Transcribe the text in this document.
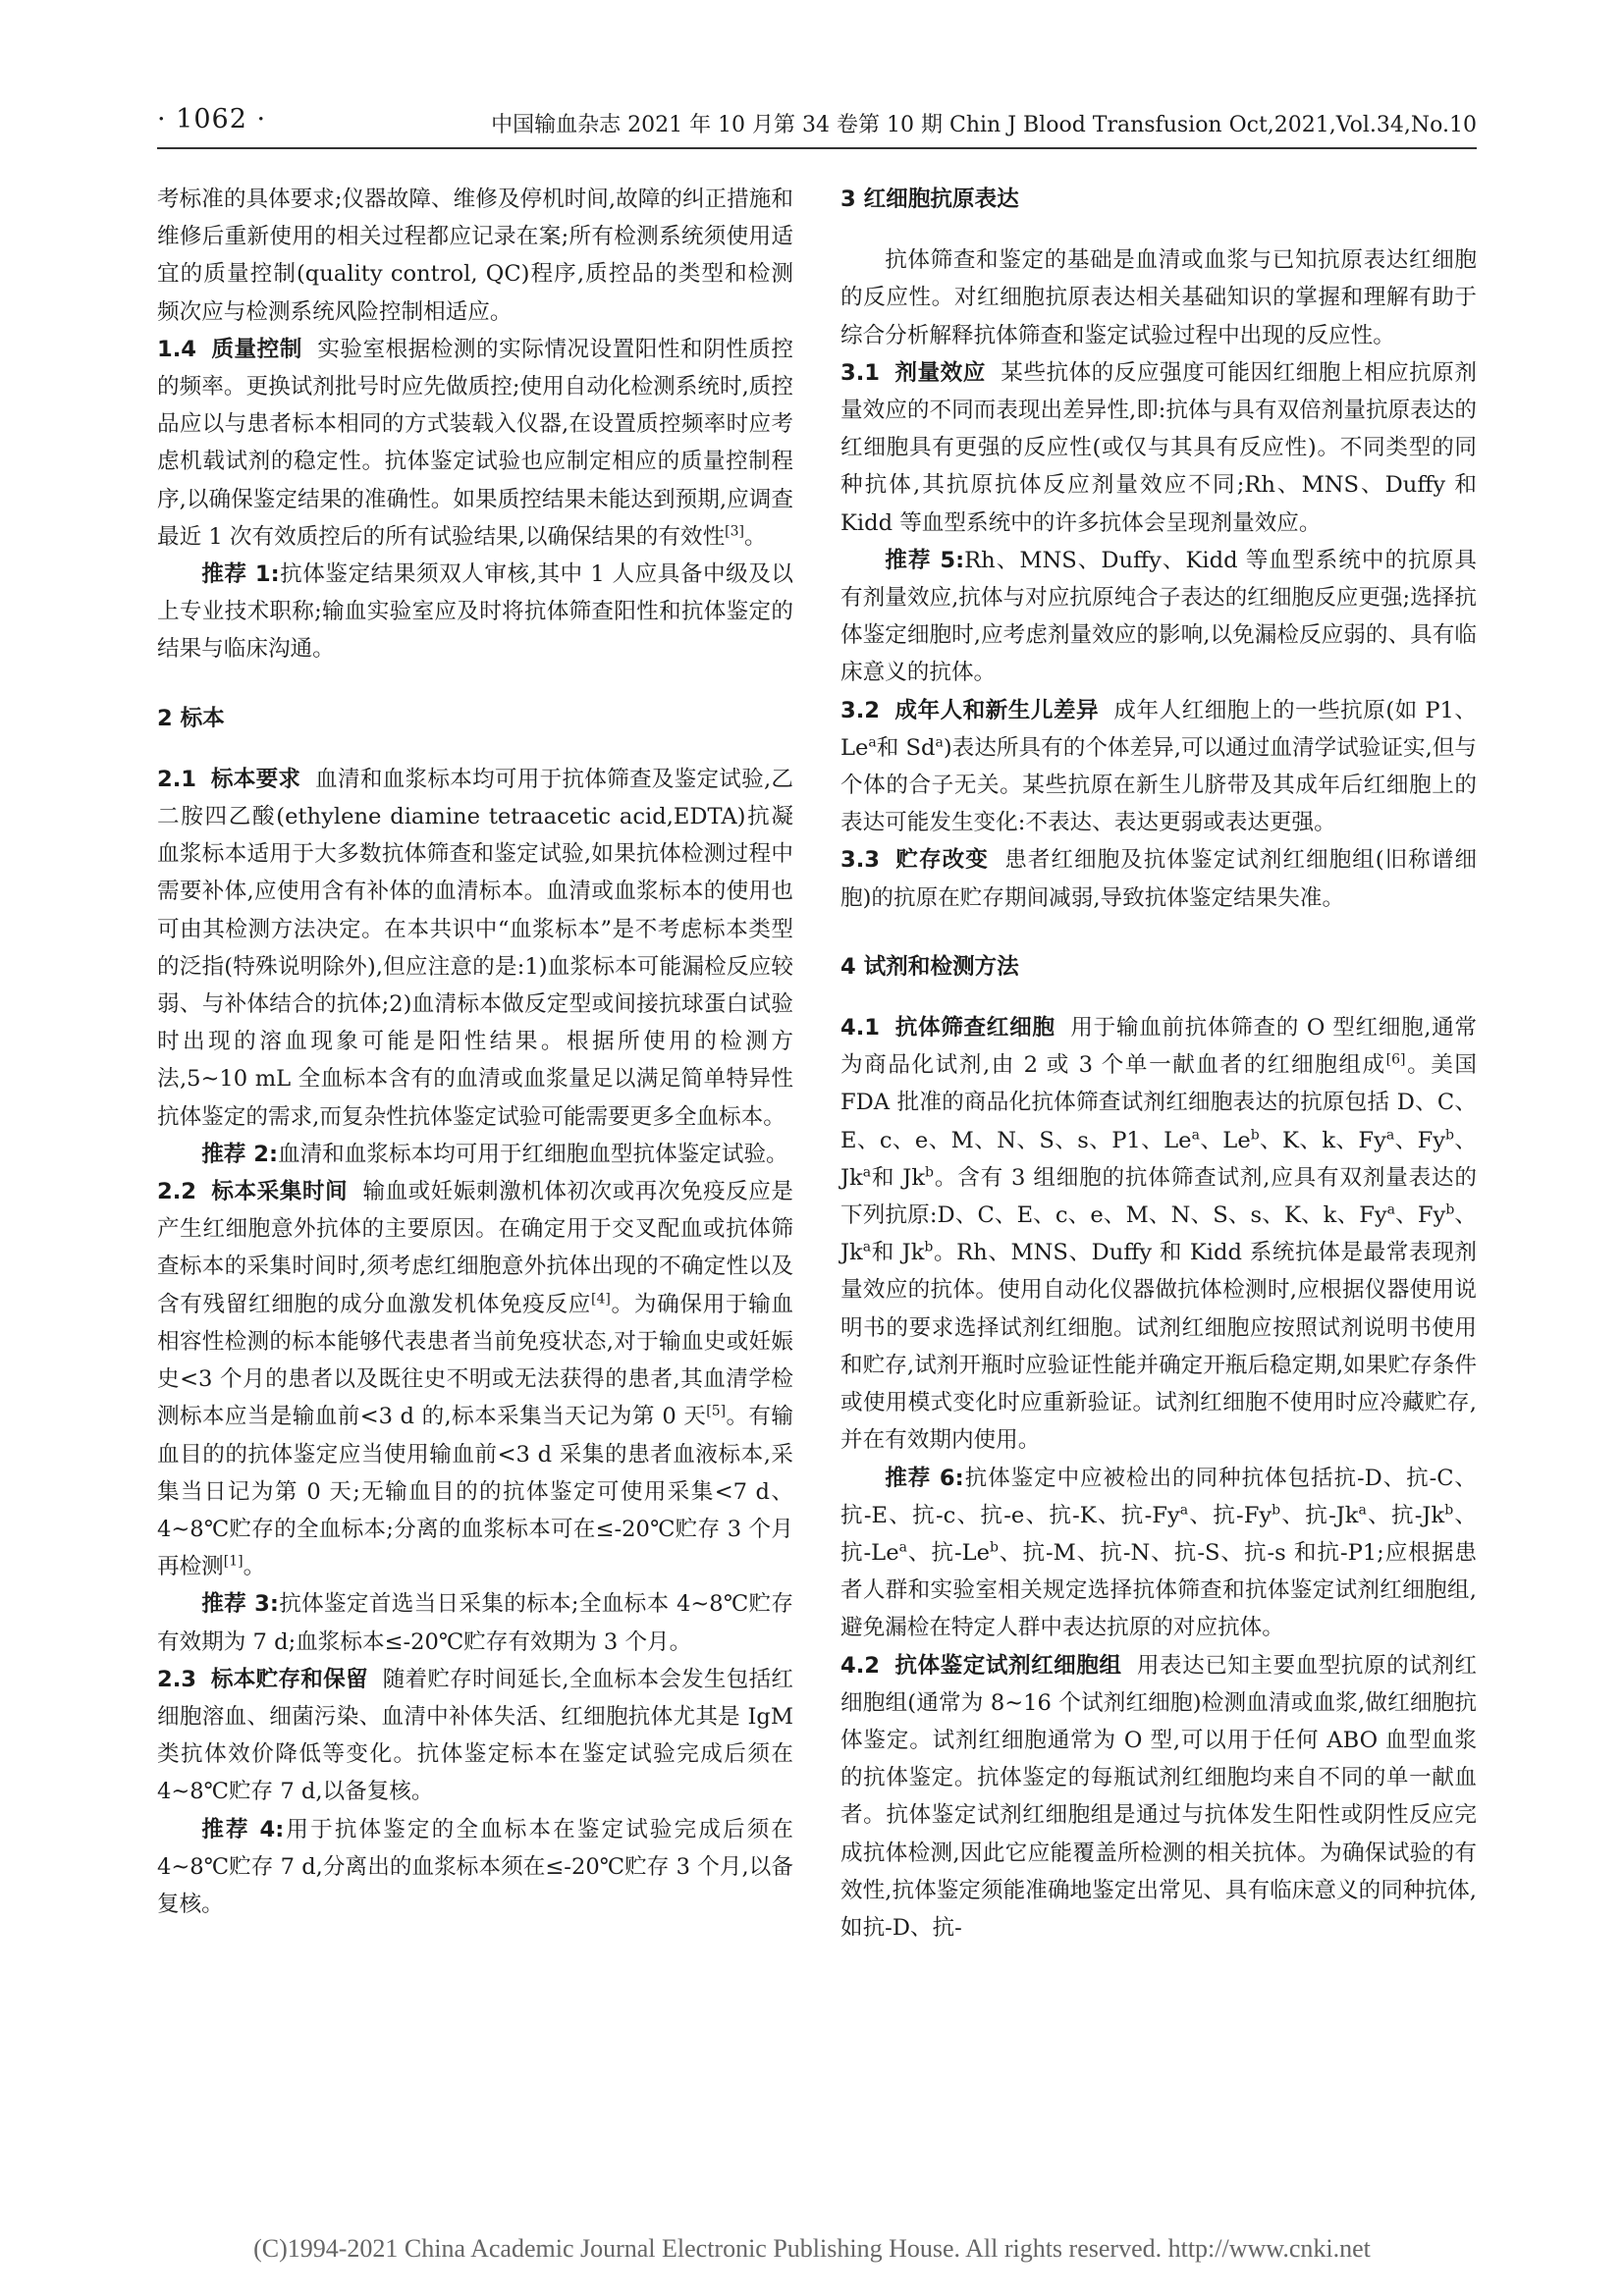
· 1062 ·	中国输血杂志 2021 年 10 月第 34 卷第 10 期 Chin J Blood Transfusion Oct,2021,Vol.34,No.10

考标准的具体要求;仪器故障、维修及停机时间,故障的纠正措施和维修后重新使用的相关过程都应记录在案;所有检测系统须使用适宜的质量控制(quality control, QC)程序,质控品的类型和检测频次应与检测系统风险控制相适应。

1.4 质量控制 实验室根据检测的实际情况设置阳性和阴性质控的频率。更换试剂批号时应先做质控;使用自动化检测系统时,质控品应以与患者标本相同的方式装载入仪器,在设置质控频率时应考虑机载试剂的稳定性。抗体鉴定试验也应制定相应的质量控制程序,以确保鉴定结果的准确性。如果质控结果未能达到预期,应调查最近 1 次有效质控后的所有试验结果,以确保结果的有效性[3]。

推荐 1:抗体鉴定结果须双人审核,其中 1 人应具备中级及以上专业技术职称;输血实验室应及时将抗体筛查阳性和抗体鉴定的结果与临床沟通。

2 标本

2.1 标本要求 血清和血浆标本均可用于抗体筛查及鉴定试验,乙二胺四乙酸(ethylene diamine tetraacetic acid,EDTA)抗凝血浆标本适用于大多数抗体筛查和鉴定试验,如果抗体检测过程中需要补体,应使用含有补体的血清标本。血清或血浆标本的使用也可由其检测方法决定。在本共识中“血浆标本”是不考虑标本类型的泛指(特殊说明除外),但应注意的是:1)血浆标本可能漏检反应较弱、与补体结合的抗体;2)血清标本做反定型或间接抗球蛋白试验时出现的溶血现象可能是阳性结果。根据所使用的检测方法,5~10 mL 全血标本含有的血清或血浆量足以满足简单特异性抗体鉴定的需求,而复杂性抗体鉴定试验可能需要更多全血标本。

推荐 2:血清和血浆标本均可用于红细胞血型抗体鉴定试验。

2.2 标本采集时间 输血或妊娠刺激机体初次或再次免疫反应是产生红细胞意外抗体的主要原因。在确定用于交叉配血或抗体筛查标本的采集时间时,须考虑红细胞意外抗体出现的不确定性以及含有残留红细胞的成分血激发机体免疫反应[4]。为确保用于输血相容性检测的标本能够代表患者当前免疫状态,对于输血史或妊娠史<3 个月的患者以及既往史不明或无法获得的患者,其血清学检测标本应当是输血前<3 d 的,标本采集当天记为第 0 天[5]。有输血目的的抗体鉴定应当使用输血前<3 d 采集的患者血液标本,采集当日记为第 0 天;无输血目的的抗体鉴定可使用采集<7 d、4~8℃贮存的全血标本;分离的血浆标本可在≤-20℃贮存 3 个月再检测[1]。

推荐 3:抗体鉴定首选当日采集的标本;全血标本 4~8℃贮存有效期为 7 d;血浆标本≤-20℃贮存有效期为 3 个月。

2.3 标本贮存和保留 随着贮存时间延长,全血标本会发生包括红细胞溶血、细菌污染、血清中补体失活、红细胞抗体尤其是 IgM 类抗体效价降低等变化。抗体鉴定标本在鉴定试验完成后须在 4~8℃贮存 7 d,以备复核。

推荐 4:用于抗体鉴定的全血标本在鉴定试验完成后须在 4~8℃贮存 7 d,分离出的血浆标本须在≤-20℃贮存 3 个月,以备复核。

3 红细胞抗原表达

抗体筛查和鉴定的基础是血清或血浆与已知抗原表达红细胞的反应性。对红细胞抗原表达相关基础知识的掌握和理解有助于综合分析解释抗体筛查和鉴定试验过程中出现的反应性。

3.1 剂量效应 某些抗体的反应强度可能因红细胞上相应抗原剂量效应的不同而表现出差异性,即:抗体与具有双倍剂量抗原表达的红细胞具有更强的反应性(或仅与其具有反应性)。不同类型的同种抗体,其抗原抗体反应剂量效应不同;Rh、MNS、Duffy 和 Kidd 等血型系统中的许多抗体会呈现剂量效应。

推荐 5:Rh、MNS、Duffy、Kidd 等血型系统中的抗原具有剂量效应,抗体与对应抗原纯合子表达的红细胞反应更强;选择抗体鉴定细胞时,应考虑剂量效应的影响,以免漏检反应弱的、具有临床意义的抗体。

3.2 成年人和新生儿差异 成年人红细胞上的一些抗原(如 P1、Le$^a$和 Sd$^a$)表达所具有的个体差异,可以通过血清学试验证实,但与个体的合子无关。某些抗原在新生儿脐带及其成年后红细胞上的表达可能发生变化:不表达、表达更弱或表达更强。

3.3 贮存改变 患者红细胞及抗体鉴定试剂红细胞组(旧称谱细胞)的抗原在贮存期间减弱,导致抗体鉴定结果失准。

4 试剂和检测方法

4.1 抗体筛查红细胞 用于输血前抗体筛查的 O 型红细胞,通常为商品化试剂,由 2 或 3 个单一献血者的红细胞组成[6]。美国 FDA 批准的商品化抗体筛查试剂红细胞表达的抗原包括 D、C、E、c、e、M、N、S、s、P1、Le$^a$、Le$^b$、K、k、Fy$^a$、Fy$^b$、Jk$^a$和 Jk$^b$。含有 3 组细胞的抗体筛查试剂,应具有双剂量表达的下列抗原:D、C、E、c、e、M、N、S、s、K、k、Fy$^a$、Fy$^b$、Jk$^a$和 Jk$^b$。Rh、MNS、Duffy 和 Kidd 系统抗体是最常表现剂量效应的抗体。使用自动化仪器做抗体检测时,应根据仪器使用说明书的要求选择试剂红细胞。试剂红细胞应按照试剂说明书使用和贮存,试剂开瓶时应验证性能并确定开瓶后稳定期,如果贮存条件或使用模式变化时应重新验证。试剂红细胞不使用时应冷藏贮存,并在有效期内使用。

推荐 6:抗体鉴定中应被检出的同种抗体包括抗-D、抗-C、抗-E、抗-c、抗-e、抗-K、抗-Fy$^a$、抗-Fy$^b$、抗-Jk$^a$、抗-Jk$^b$、抗-Le$^a$、抗-Le$^b$、抗-M、抗-N、抗-S、抗-s 和抗-P1;应根据患者人群和实验室相关规定选择抗体筛查和抗体鉴定试剂红细胞组,避免漏检在特定人群中表达抗原的对应抗体。

4.2 抗体鉴定试剂红细胞组 用表达已知主要血型抗原的试剂红细胞组(通常为 8~16 个试剂红细胞)检测血清或血浆,做红细胞抗体鉴定。试剂红细胞通常为 O 型,可以用于任何 ABO 血型血浆的抗体鉴定。抗体鉴定的每瓶试剂红细胞均来自不同的单一献血者。抗体鉴定试剂红细胞组是通过与抗体发生阳性或阴性反应完成抗体检测,因此它应能覆盖所检测的相关抗体。为确保试验的有效性,抗体鉴定须能准确地鉴定出常见、具有临床意义的同种抗体,如抗-D、抗-

(C)1994-2021 China Academic Journal Electronic Publishing House. All rights reserved. http://www.cnki.net
